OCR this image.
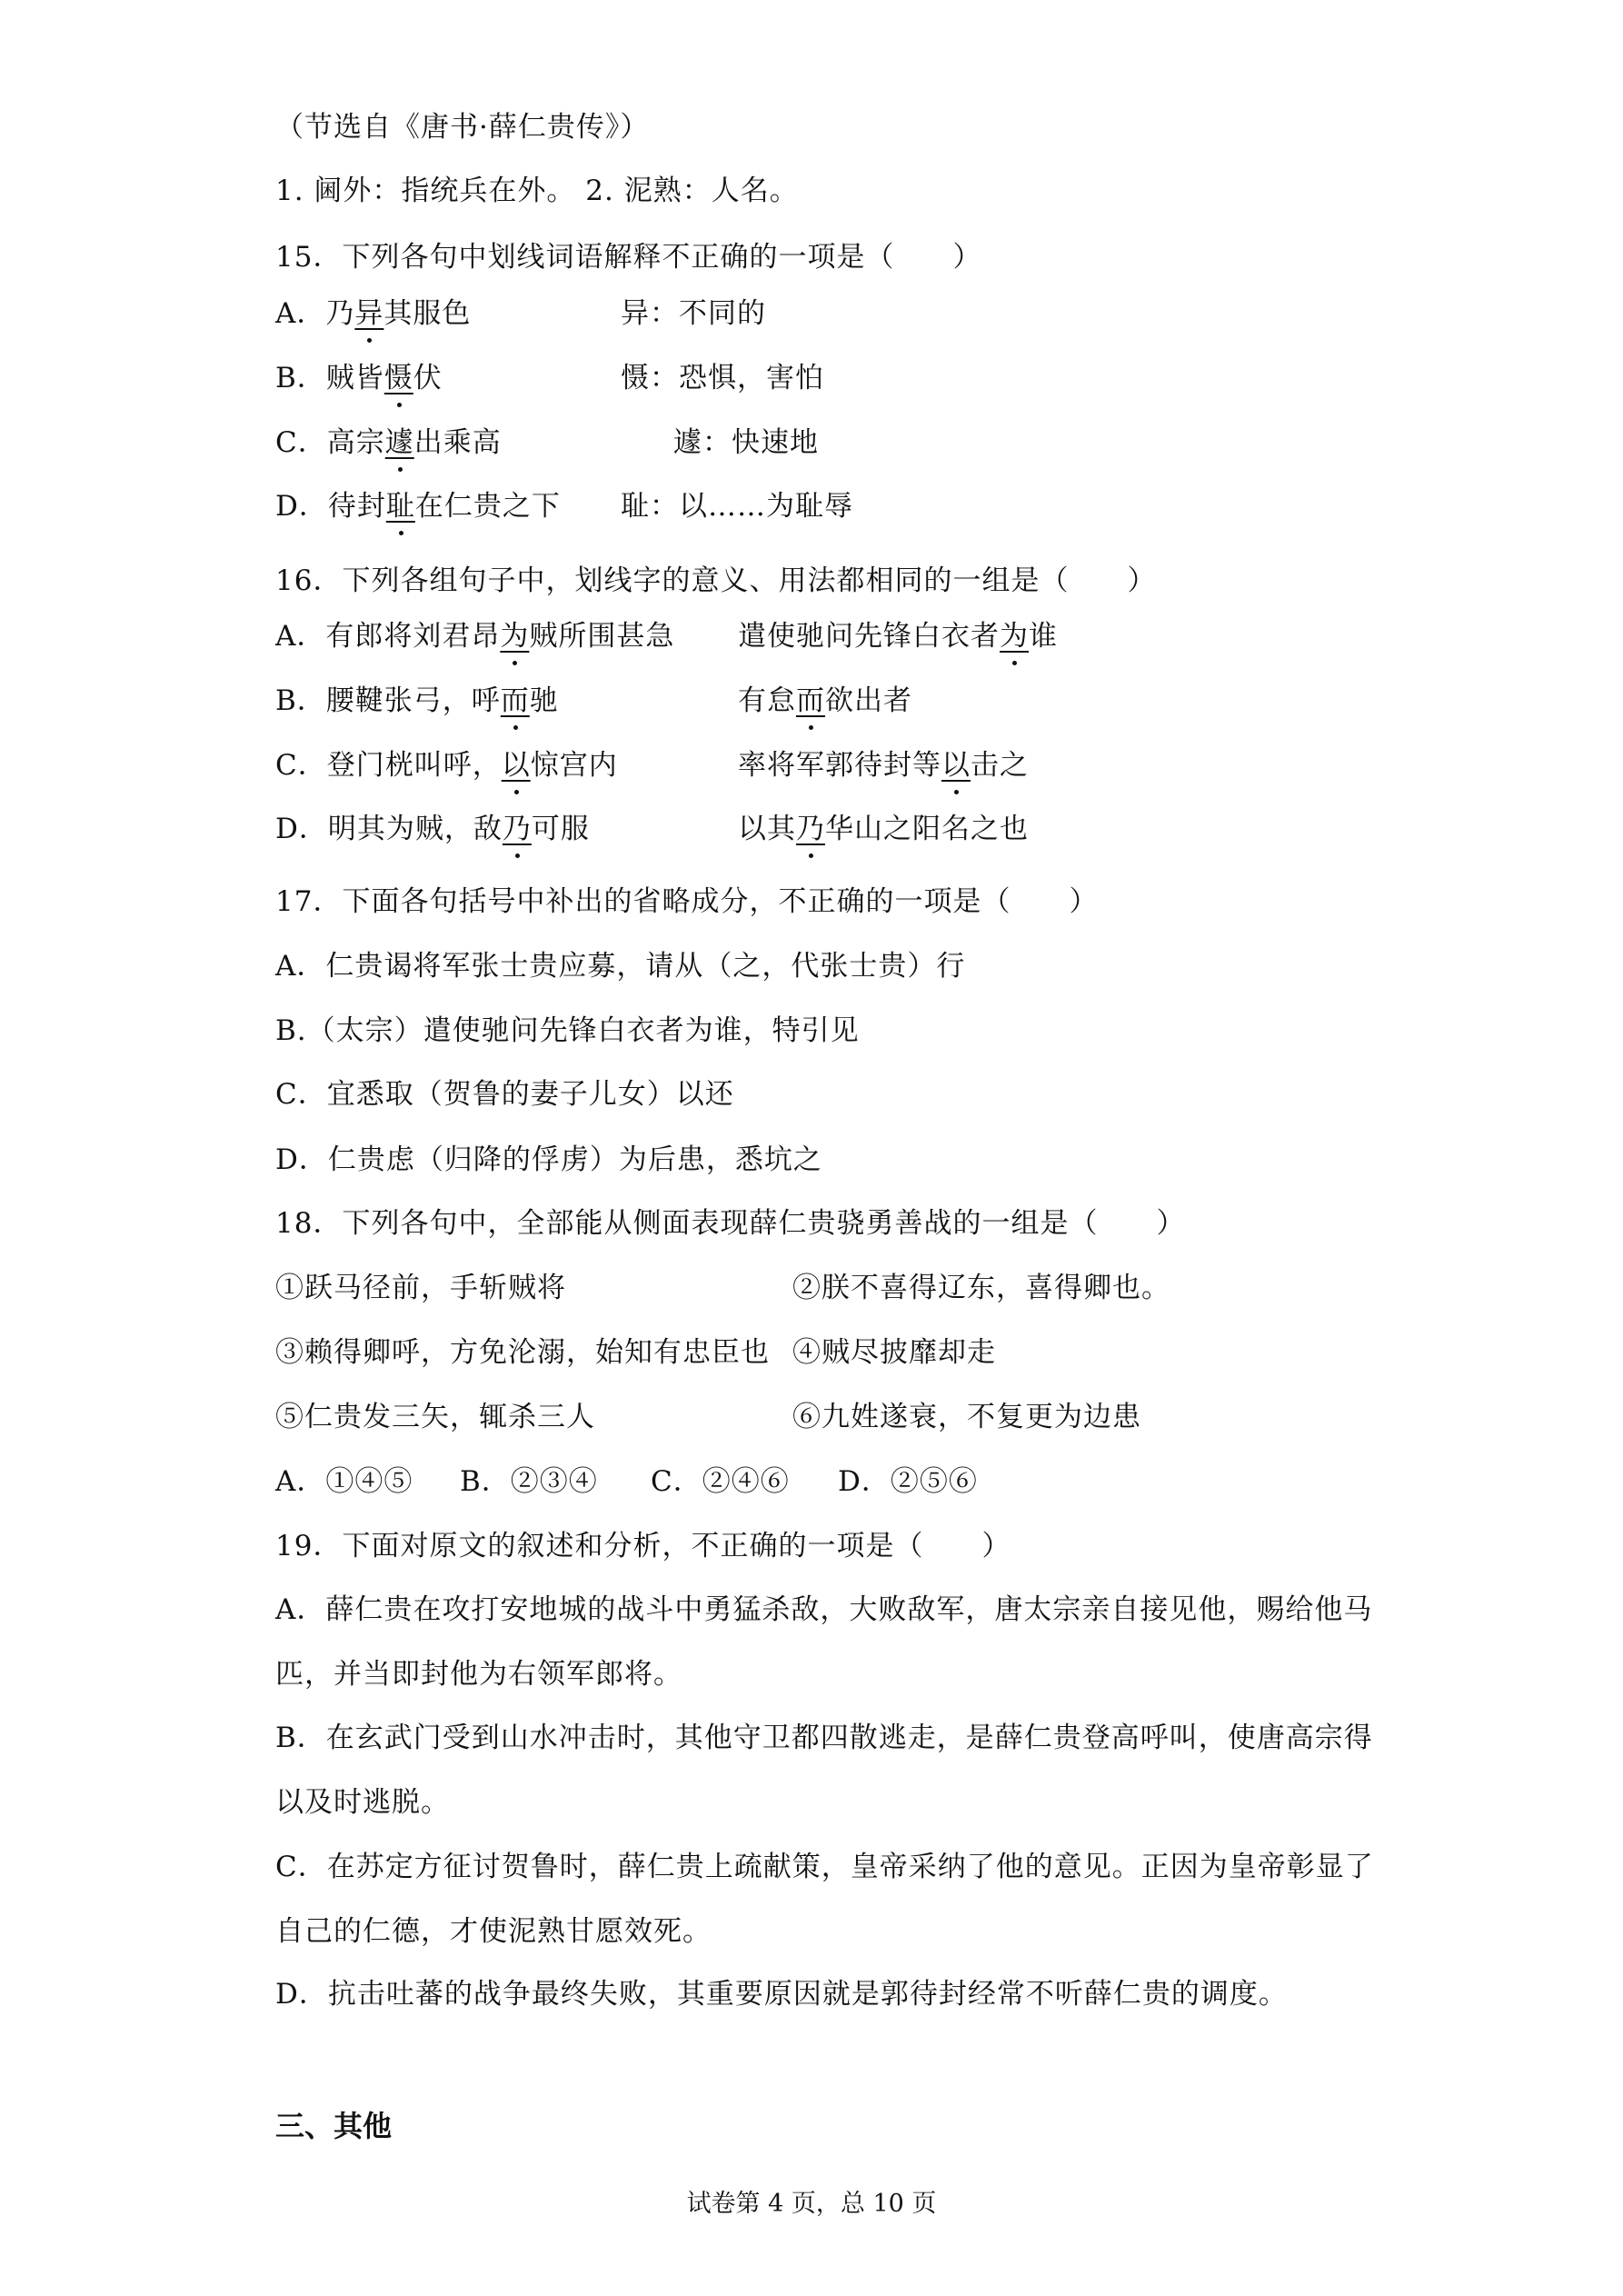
（节选自《唐书·薛仁贵传》）
1. 阃外：指统兵在外。 2. 泥熟：人名。
15．下列各句中划线词语解释不正确的一项是（　　）
A．乃异其服色	异：不同的
B．贼皆慑伏	慑：恐惧，害怕
C．高宗遽出乘高	遽：快速地
D．待封耻在仁贵之下 耻：以……为耻辱
16．下列各组句子中，划线字的意义、用法都相同的一组是（　　）
A．有郎将刘君昂为贼所围甚急 遣使驰问先锋白衣者为谁
B．腰鞬张弓，呼而驰	有怠而欲出者
C．登门桄叫呼，以惊宫内	率将军郭待封等以击之
D．明其为贼，敌乃可服	以其乃华山之阳名之也
17．下面各句括号中补出的省略成分，不正确的一项是（　　）
A．仁贵谒将军张士贵应募，请从（之，代张士贵）行
B.（太宗）遣使驰问先锋白衣者为谁，特引见
C．宜悉取（贺鲁的妻子儿女）以还
D．仁贵虑（归降的俘虏）为后患，悉坑之
18．下列各句中，全部能从侧面表现薛仁贵骁勇善战的一组是（　　）
①跃马径前，手斩贼将	②朕不喜得辽东，喜得卿也。
③赖得卿呼，方免沦溺，始知有忠臣也 ④贼尽披靡却走
⑤仁贵发三矢，辄杀三人	⑥九姓遂衰，不复更为边患
A．①④⑤ B．②③④ C．②④⑥ D．②⑤⑥
19．下面对原文的叙述和分析，不正确的一项是（　　）
A．薛仁贵在攻打安地城的战斗中勇猛杀敌，大败敌军，唐太宗亲自接见他，赐给他马
匹，并当即封他为右领军郎将。
B．在玄武门受到山水冲击时，其他守卫都四散逃走，是薛仁贵登高呼叫，使唐高宗得
以及时逃脱。
C．在苏定方征讨贺鲁时，薛仁贵上疏献策，皇帝采纳了他的意见。正因为皇帝彰显了
自己的仁德，才使泥熟甘愿效死。
D．抗击吐蕃的战争最终失败，其重要原因就是郭待封经常不听薛仁贵的调度。
三、其他
试卷第 4 页，总 10 页
